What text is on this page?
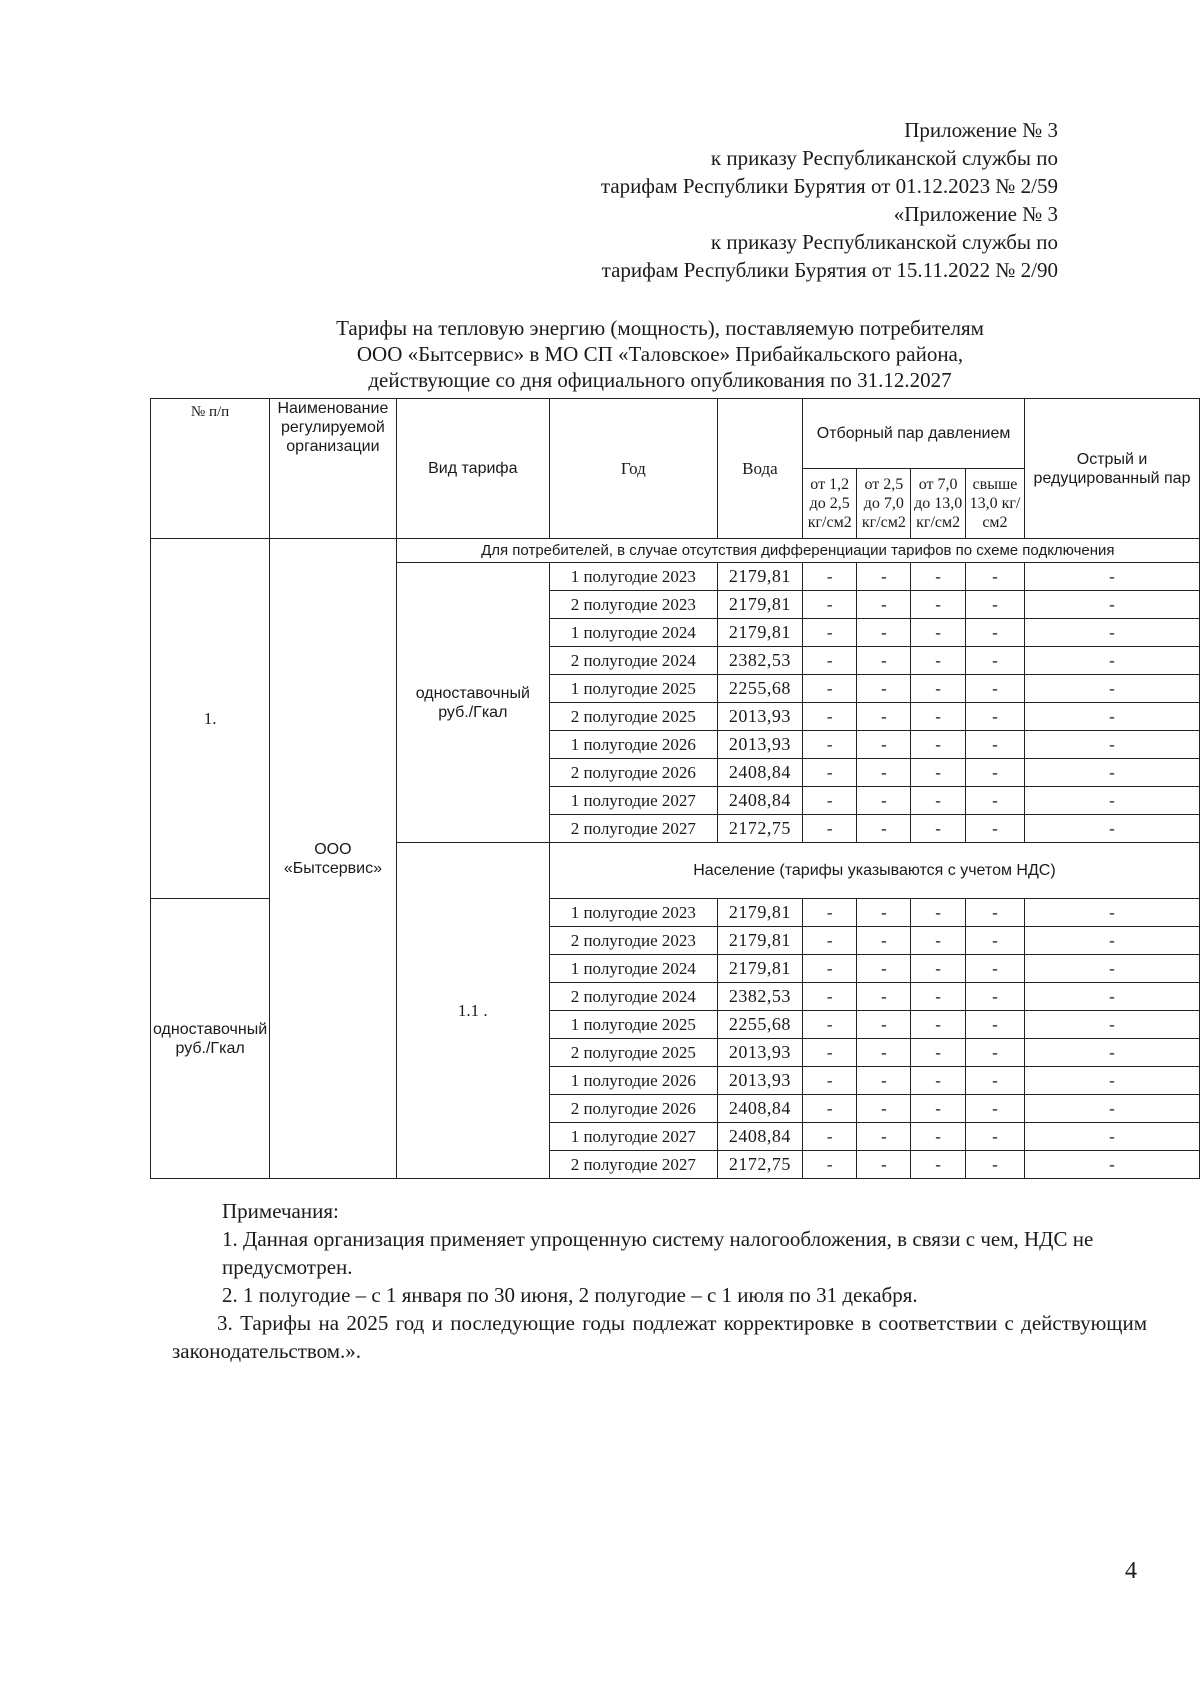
Приложение № 3
к приказу Республиканской службы по
тарифам Республики Бурятия от 01.12.2023 № 2/59
«Приложение № 3
к приказу Республиканской службы по
тарифам Республики Бурятия от 15.11.2022 № 2/90
Тарифы на тепловую энергию (мощность), поставляемую потребителям
ООО «Бытсервис» в МО СП «Таловское» Прибайкальского района,
действующие со дня официального опубликования по 31.12.2027
№ п/п	Наименование регулируемой организации	Вид тарифа	Год	Вода	Отборный пар давлением				Острый и редуцированный пар
					от 1,2 до 2,5 кг/см2	от 2,5 до 7,0 кг/см2	от 7,0 до 13,0 кг/см2	свыше 13,0 кг/см2	
1.	ООО «Бытсервис»	Для потребителей, в случае отсутствия дифференциации тарифов по схеме подключения							
		одноставочный руб./Гкал	1 полугодие 2023	2179,81	-	-	-	-	-
			2 полугодие 2023	2179,81	-	-	-	-	-
			1 полугодие 2024	2179,81	-	-	-	-	-
			2 полугодие 2024	2382,53	-	-	-	-	-
			1 полугодие 2025	2255,68	-	-	-	-	-
			2 полугодие 2025	2013,93	-	-	-	-	-
			1 полугодие 2026	2013,93	-	-	-	-	-
			2 полугодие 2026	2408,84	-	-	-	-	-
			1 полугодие 2027	2408,84	-	-	-	-	-
			2 полугодие 2027	2172,75	-	-	-	-	-
		1.1 .	Население (тарифы указываются с учетом НДС)						
одноставочный руб./Гкал			1 полугодие 2023	2179,81	-	-	-	-	-
			2 полугодие 2023	2179,81	-	-	-	-	-
			1 полугодие 2024	2179,81	-	-	-	-	-
			2 полугодие 2024	2382,53	-	-	-	-	-
			1 полугодие 2025	2255,68	-	-	-	-	-
			2 полугодие 2025	2013,93	-	-	-	-	-
			1 полугодие 2026	2013,93	-	-	-	-	-
			2 полугодие 2026	2408,84	-	-	-	-	-
			1 полугодие 2027	2408,84	-	-	-	-	-
			2 полугодие 2027	2172,75	-	-	-	-	-
Примечания:
1. Данная организация применяет упрощенную систему налогообложения, в связи с чем, НДС не предусмотрен.
2. 1 полугодие – с 1 января по 30 июня, 2 полугодие – с 1 июля по 31 декабря.
3. Тарифы на 2025 год и последующие годы подлежат корректировке в соответствии с действующим законодательством.».
4
